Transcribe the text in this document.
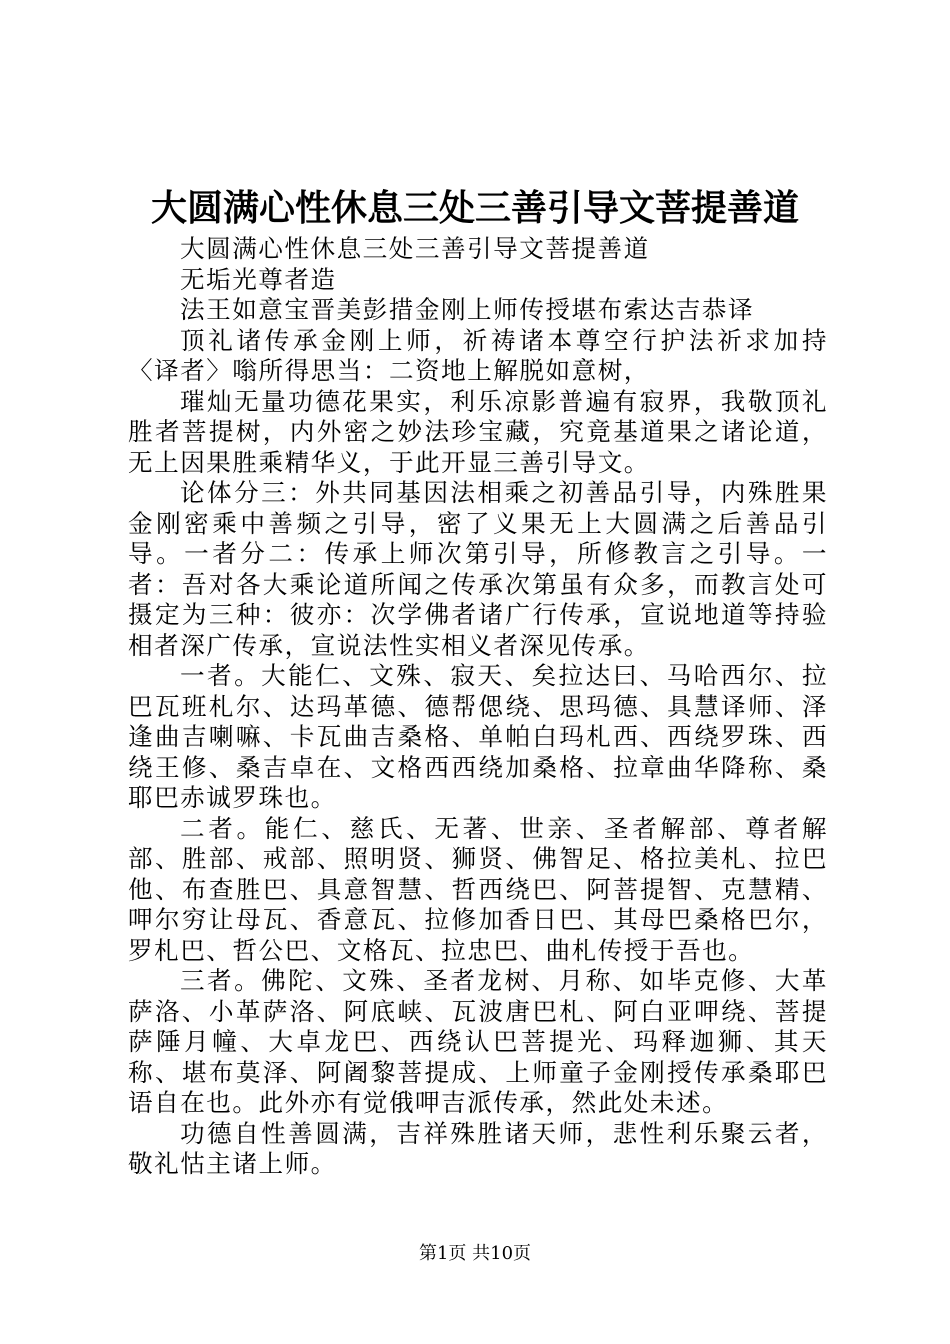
大圆满心性休息三处三善引导文菩提善道

大圆满心性休息三处三善引导文菩提善道

无垢光尊者造

法王如意宝晋美彭措金刚上师传授堪布索达吉恭译

顶礼诸传承金刚上师，祈祷诸本尊空行护法祈求加持〈译者〉嗡所得思当：二资地上解脱如意树，

璀灿无量功德花果实，利乐凉影普遍有寂界，我敬顶礼胜者菩提树，内外密之妙法珍宝藏，究竟基道果之诸论道，无上因果胜乘精华义，于此开显三善引导文。

论体分三：外共同基因法相乘之初善品引导，内殊胜果金刚密乘中善频之引导，密了义果无上大圆满之后善品引导。一者分二：传承上师次第引导，所修教言之引导。一者：吾对各大乘论道所闻之传承次第虽有众多，而教言处可摄定为三种：彼亦：次学佛者诸广行传承，宣说地道等持验相者深广传承，宣说法性实相义者深见传承。

一者。大能仁、文殊、寂天、矣拉达曰、马哈西尔、拉巴瓦班札尔、达玛革德、德帮偲绕、思玛德、具慧译师、泽逢曲吉喇嘛、卡瓦曲吉桑格、单帕白玛札西、西绕罗珠、西绕王修、桑吉卓在、文格西西绕加桑格、拉章曲华降称、桑耶巴赤诚罗珠也。

二者。能仁、慈氏、无著、世亲、圣者解部、尊者解部、胜部、戒部、照明贤、狮贤、佛智足、格拉美札、拉巴他、布查胜巴、具意智慧、哲西绕巴、阿菩提智、克慧精、呷尔穷让母瓦、香意瓦、拉修加香日巴、其母巴桑格巴尔，罗札巴、哲公巴、文格瓦、拉忠巴、曲札传授于吾也。

三者。佛陀、文殊、圣者龙树、月称、如毕克修、大革萨洛、小革萨洛、阿底峡、瓦波唐巴札、阿白亚呷绕、菩提萨陲月幢、大卓龙巴、西绕认巴菩提光、玛释迦狮、其天称、堪布莫泽、阿阇黎菩提成、上师童子金刚授传承桑耶巴语自在也。此外亦有觉俄呷吉派传承，然此处未述。

功德自性善圆满，吉祥殊胜诸天师，悲性利乐聚云者，敬礼怙主诸上师。

第1页 共10页
